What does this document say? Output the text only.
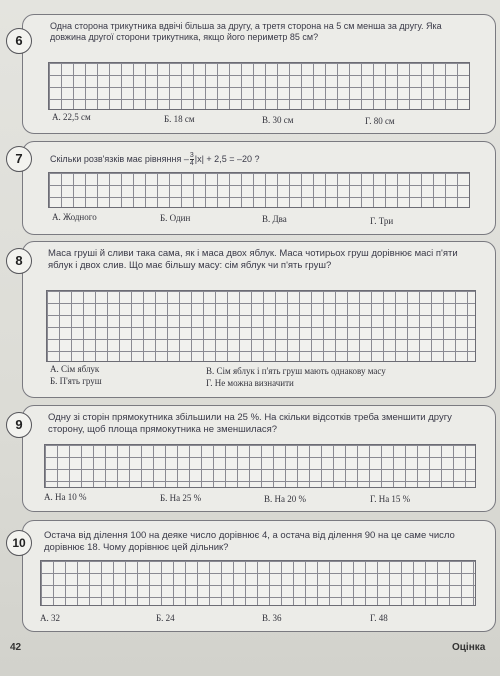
6
Одна сторона трикутника вдвічі більша за другу, а третя сторона на 5 см менша за другу. Яка довжина другої сторони трикутника, якщо його периметр 85 см?
А. 22,5 см	Б. 18 см	В. 30 см	Г. 80 см
7	Скільки розв'язків має рівняння – $\frac{3}{4} |x| + 2,5 = -20$ ?
А. Жодного	Б. Один	В. Два	Г. Три
8	Маса груші й сливи така сама, як і маса двох яблук. Маса чотирьох груш дорівнює масі п'яти яблук і двох слив. Що має більшу масу: сім яблук чи п'ять груш?
А. Сім яблук
Б. П'ять груш
В. Сім яблук і п'ять груш мають однакову масу
Г. Не можна визначити
9	Одну зі сторін прямокутника збільшили на 25 %. На скільки відсотків треба зменшити другу сторону, щоб площа прямокутника не зменшилася?
А. На 10 %	Б. На 25 %	В. На 20 %	Г. На 15 %
10
Остача від ділення 100 на деяке число дорівнює 4, а остача від ділення 90 на це саме число дорівнює 18. Чому дорівнює цей дільник?
А. 32	Б. 24	В. 36	Г. 48
42	Оцінка
